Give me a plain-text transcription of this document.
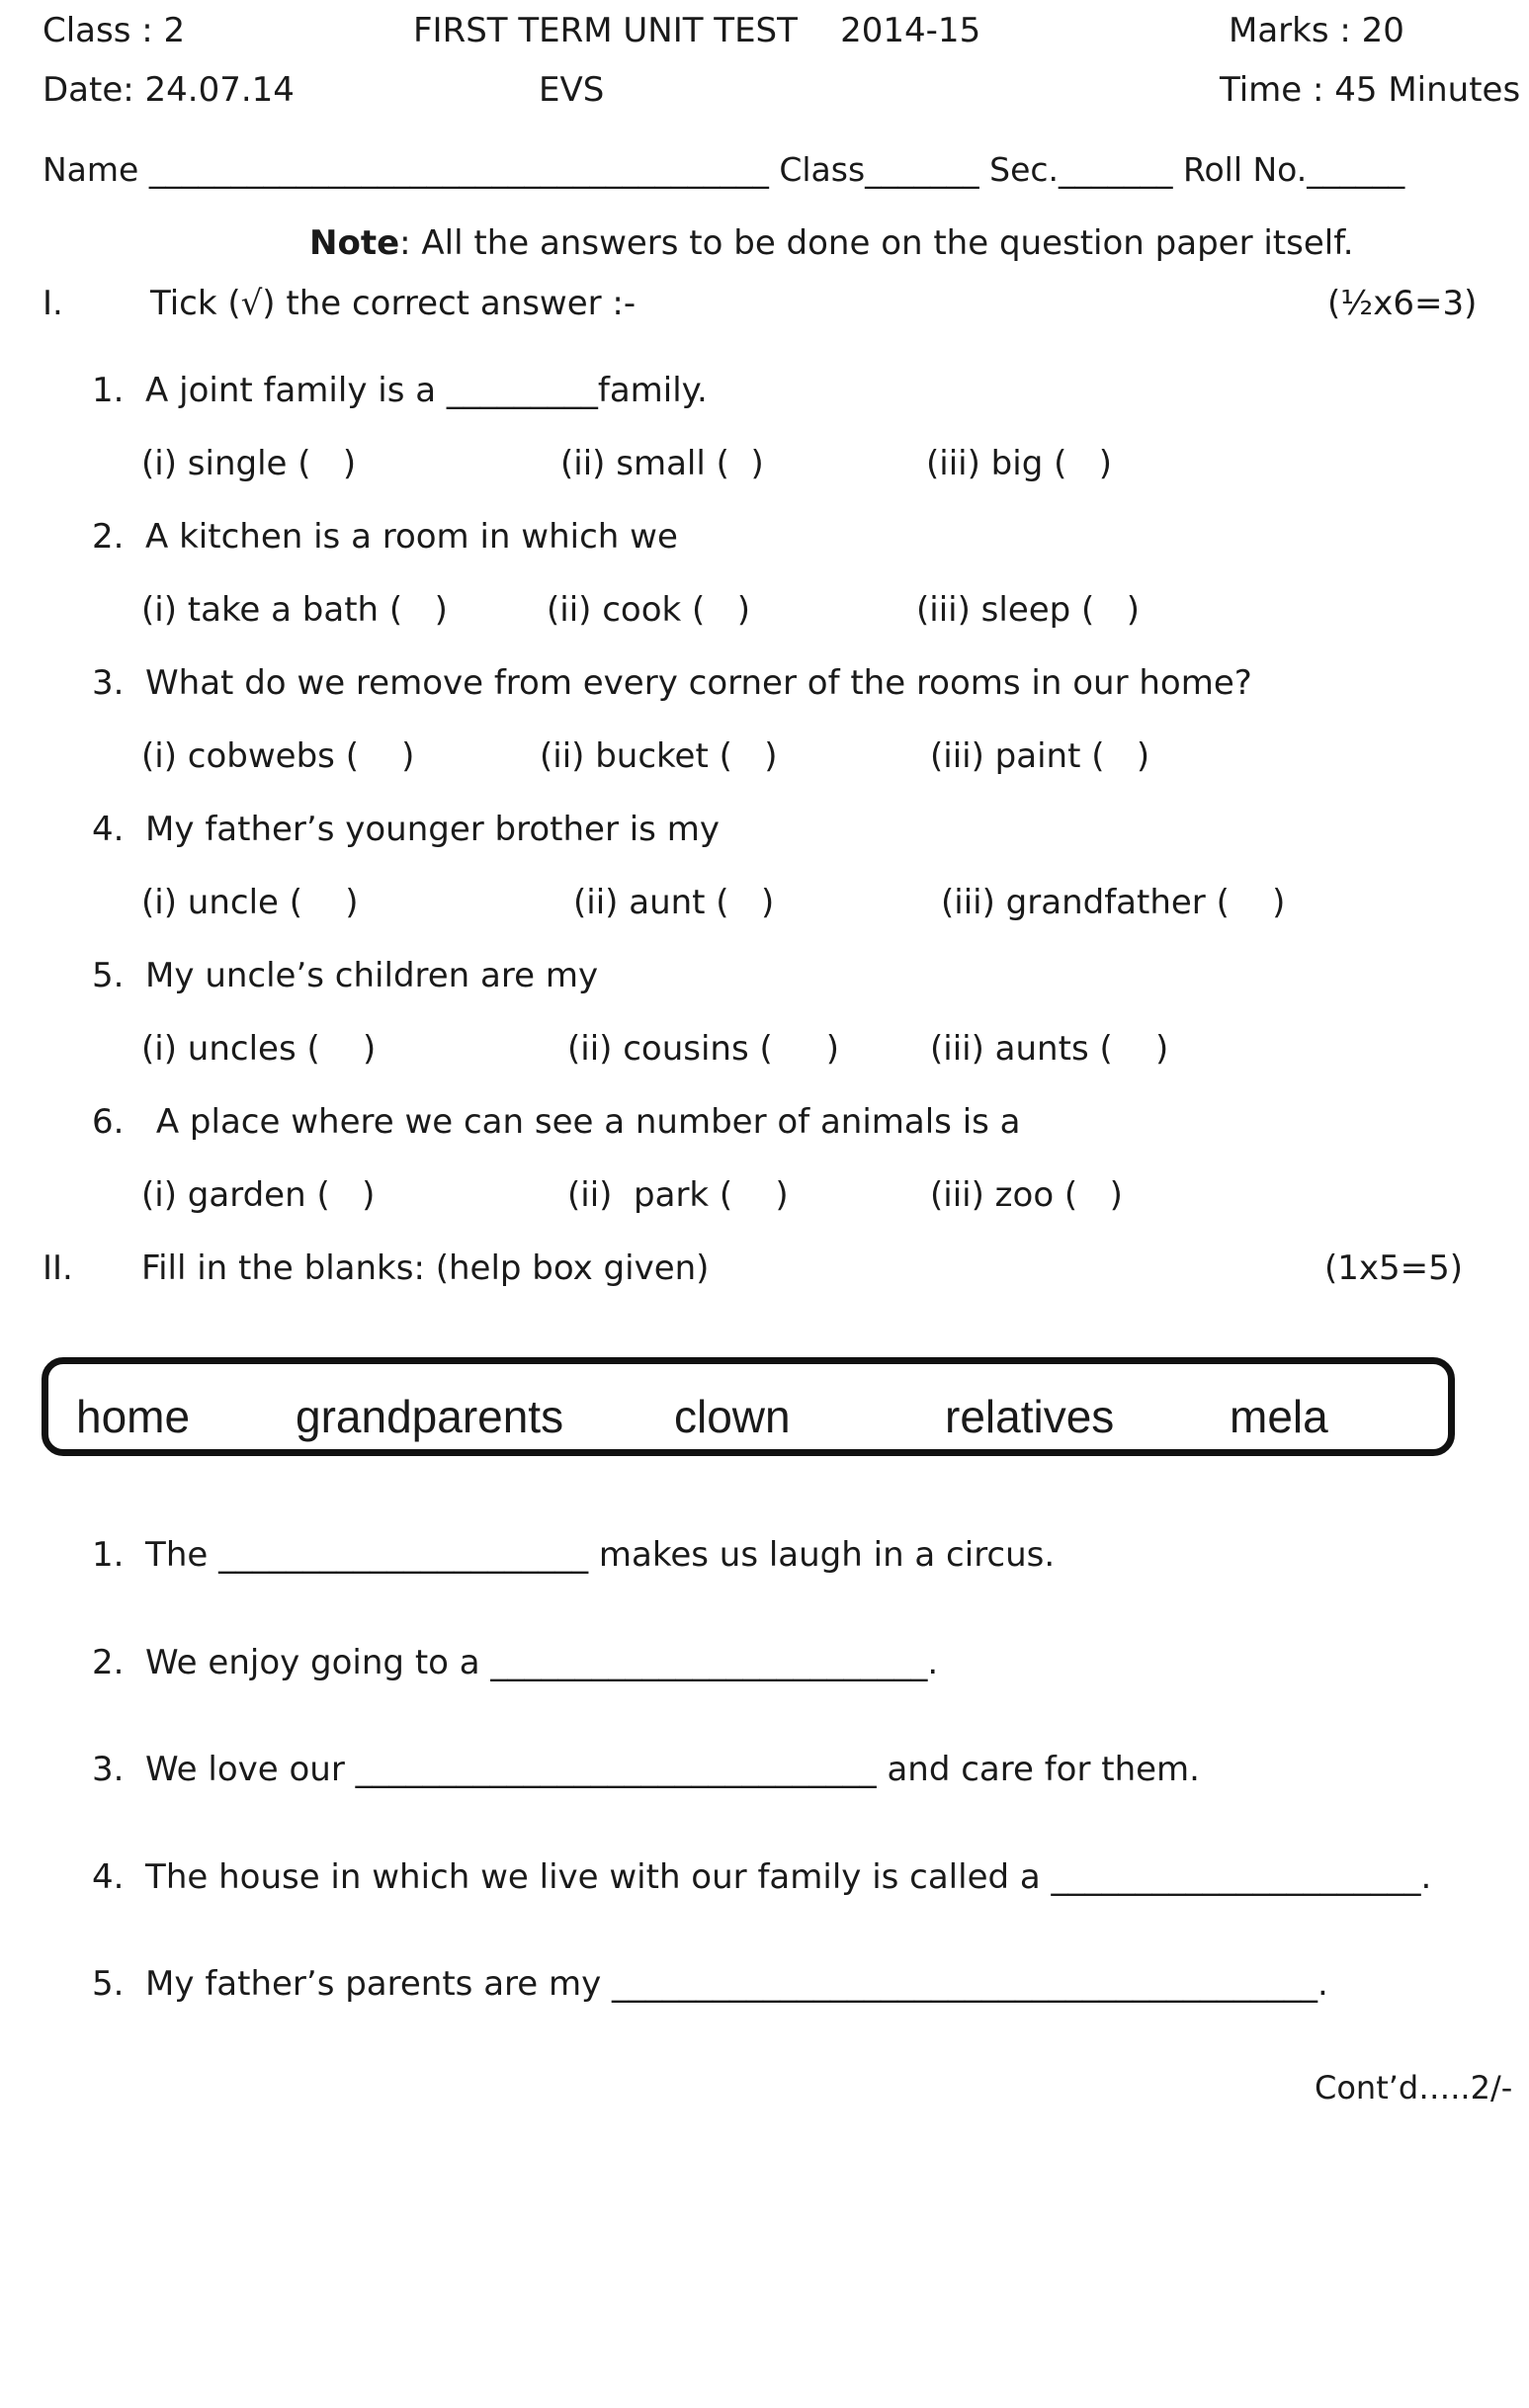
Class : 2	FIRST TERM UNIT TEST    2014-15	Marks : 20
Date: 24.07.14	EVS	Time : 45 Minutes
Name ______________________________________ Class_______ Sec._______ Roll No.______
Note: All the answers to be done on the question paper itself.
I.	Tick (√) the correct answer :-	(½x6=3)
1.  A joint family is a _________family.
(i) single (   )	(ii) small (  )	(iii) big (   )
2.  A kitchen is a room in which we
(i) take a bath (   )	(ii) cook (   )	(iii) sleep (   )
3.  What do we remove from every corner of the rooms in our home?
(i) cobwebs (    )	(ii) bucket (   )	(iii) paint (   )
4.  My father’s younger brother is my
(i) uncle (    )	(ii) aunt (   )	(iii) grandfather (    )
5.  My uncle’s children are my
(i) uncles (    )	(ii) cousins (     )	(iii) aunts (    )
6.   A place where we can see a number of animals is a
(i) garden (   )	(ii)  park (    )	(iii) zoo (   )
II. Fill in the blanks: (help box given)	(1x5=5)
home grandparents clown	relatives	mela
1.  The ______________________ makes us laugh in a circus.
2.  We enjoy going to a __________________________.
3.  We love our _______________________________ and care for them.
4.  The house in which we live with our family is called a ______________________.
5.  My father’s parents are my __________________________________________.
Cont’d…..2/-
